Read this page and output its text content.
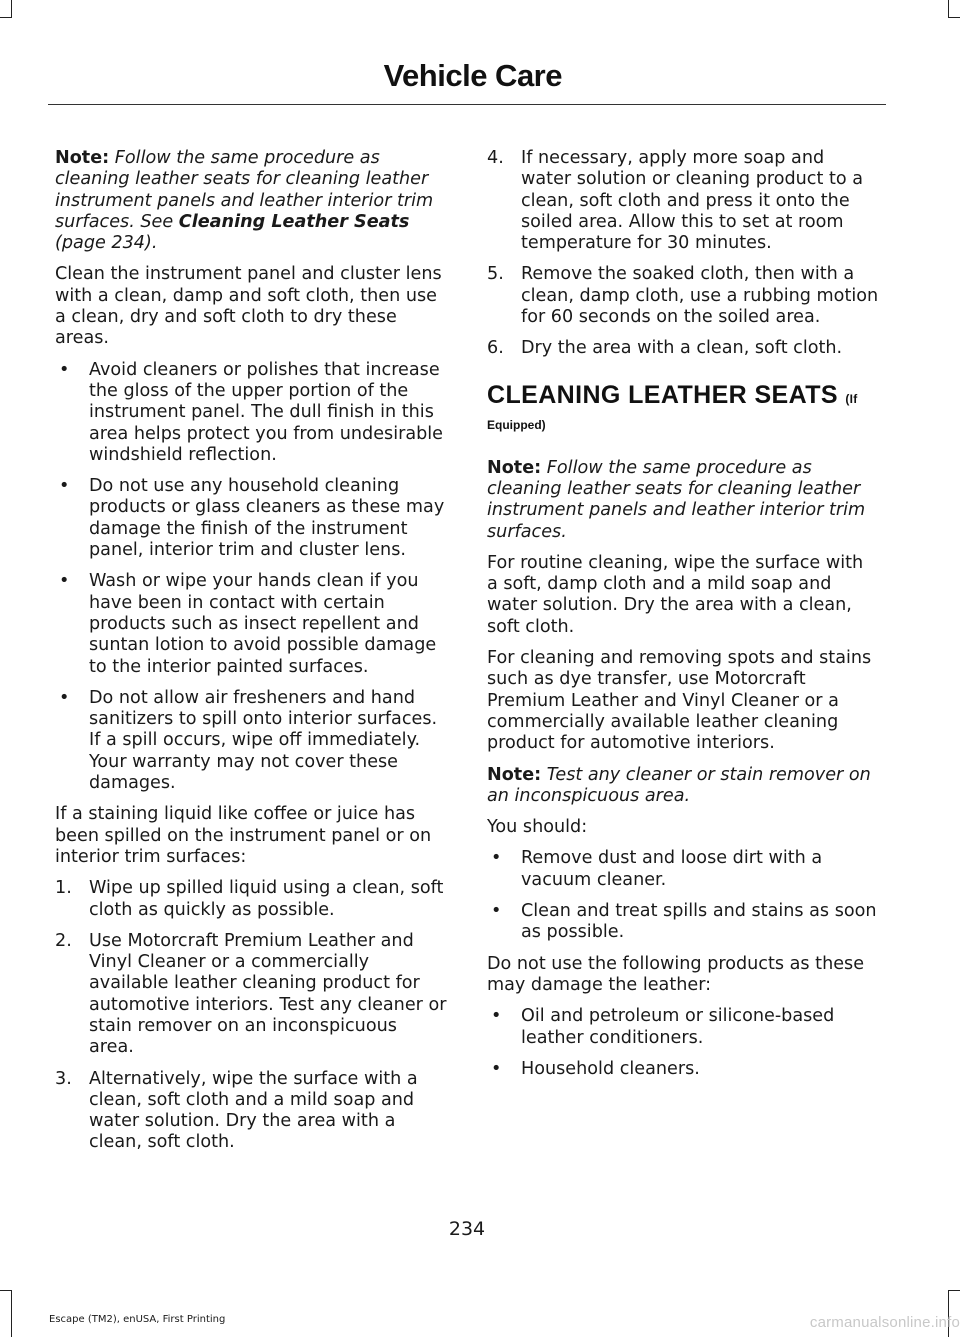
Vehicle Care

Note: Follow the same procedure as cleaning leather seats for cleaning leather instrument panels and leather interior trim surfaces. See Cleaning Leather Seats (page 234).

Clean the instrument panel and cluster lens with a clean, damp and soft cloth, then use a clean, dry and soft cloth to dry these areas.

• Avoid cleaners or polishes that increase the gloss of the upper portion of the instrument panel. The dull finish in this area helps protect you from undesirable windshield reflection.
• Do not use any household cleaning products or glass cleaners as these may damage the finish of the instrument panel, interior trim and cluster lens.
• Wash or wipe your hands clean if you have been in contact with certain products such as insect repellent and suntan lotion to avoid possible damage to the interior painted surfaces.
• Do not allow air fresheners and hand sanitizers to spill onto interior surfaces. If a spill occurs, wipe off immediately. Your warranty may not cover these damages.

If a staining liquid like coffee or juice has been spilled on the instrument panel or on interior trim surfaces:

1. Wipe up spilled liquid using a clean, soft cloth as quickly as possible.
2. Use Motorcraft Premium Leather and Vinyl Cleaner or a commercially available leather cleaning product for automotive interiors. Test any cleaner or stain remover on an inconspicuous area.
3. Alternatively, wipe the surface with a clean, soft cloth and a mild soap and water solution. Dry the area with a clean, soft cloth.
4. If necessary, apply more soap and water solution or cleaning product to a clean, soft cloth and press it onto the soiled area. Allow this to set at room temperature for 30 minutes.
5. Remove the soaked cloth, then with a clean, damp cloth, use a rubbing motion for 60 seconds on the soiled area.
6. Dry the area with a clean, soft cloth.
CLEANING LEATHER SEATS (If
Equipped)

Note: Follow the same procedure as cleaning leather seats for cleaning leather instrument panels and leather interior trim surfaces.

For routine cleaning, wipe the surface with a soft, damp cloth and a mild soap and water solution. Dry the area with a clean, soft cloth.

For cleaning and removing spots and stains such as dye transfer, use Motorcraft Premium Leather and Vinyl Cleaner or a commercially available leather cleaning product for automotive interiors.

Note: Test any cleaner or stain remover on an inconspicuous area.

You should:

• Remove dust and loose dirt with a vacuum cleaner.
• Clean and treat spills and stains as soon as possible.

Do not use the following products as these may damage the leather:

• Oil and petroleum or silicone-based leather conditioners.
• Household cleaners.
234
Escape (TM2), enUSA, First Printing	carmanualsonline.info
